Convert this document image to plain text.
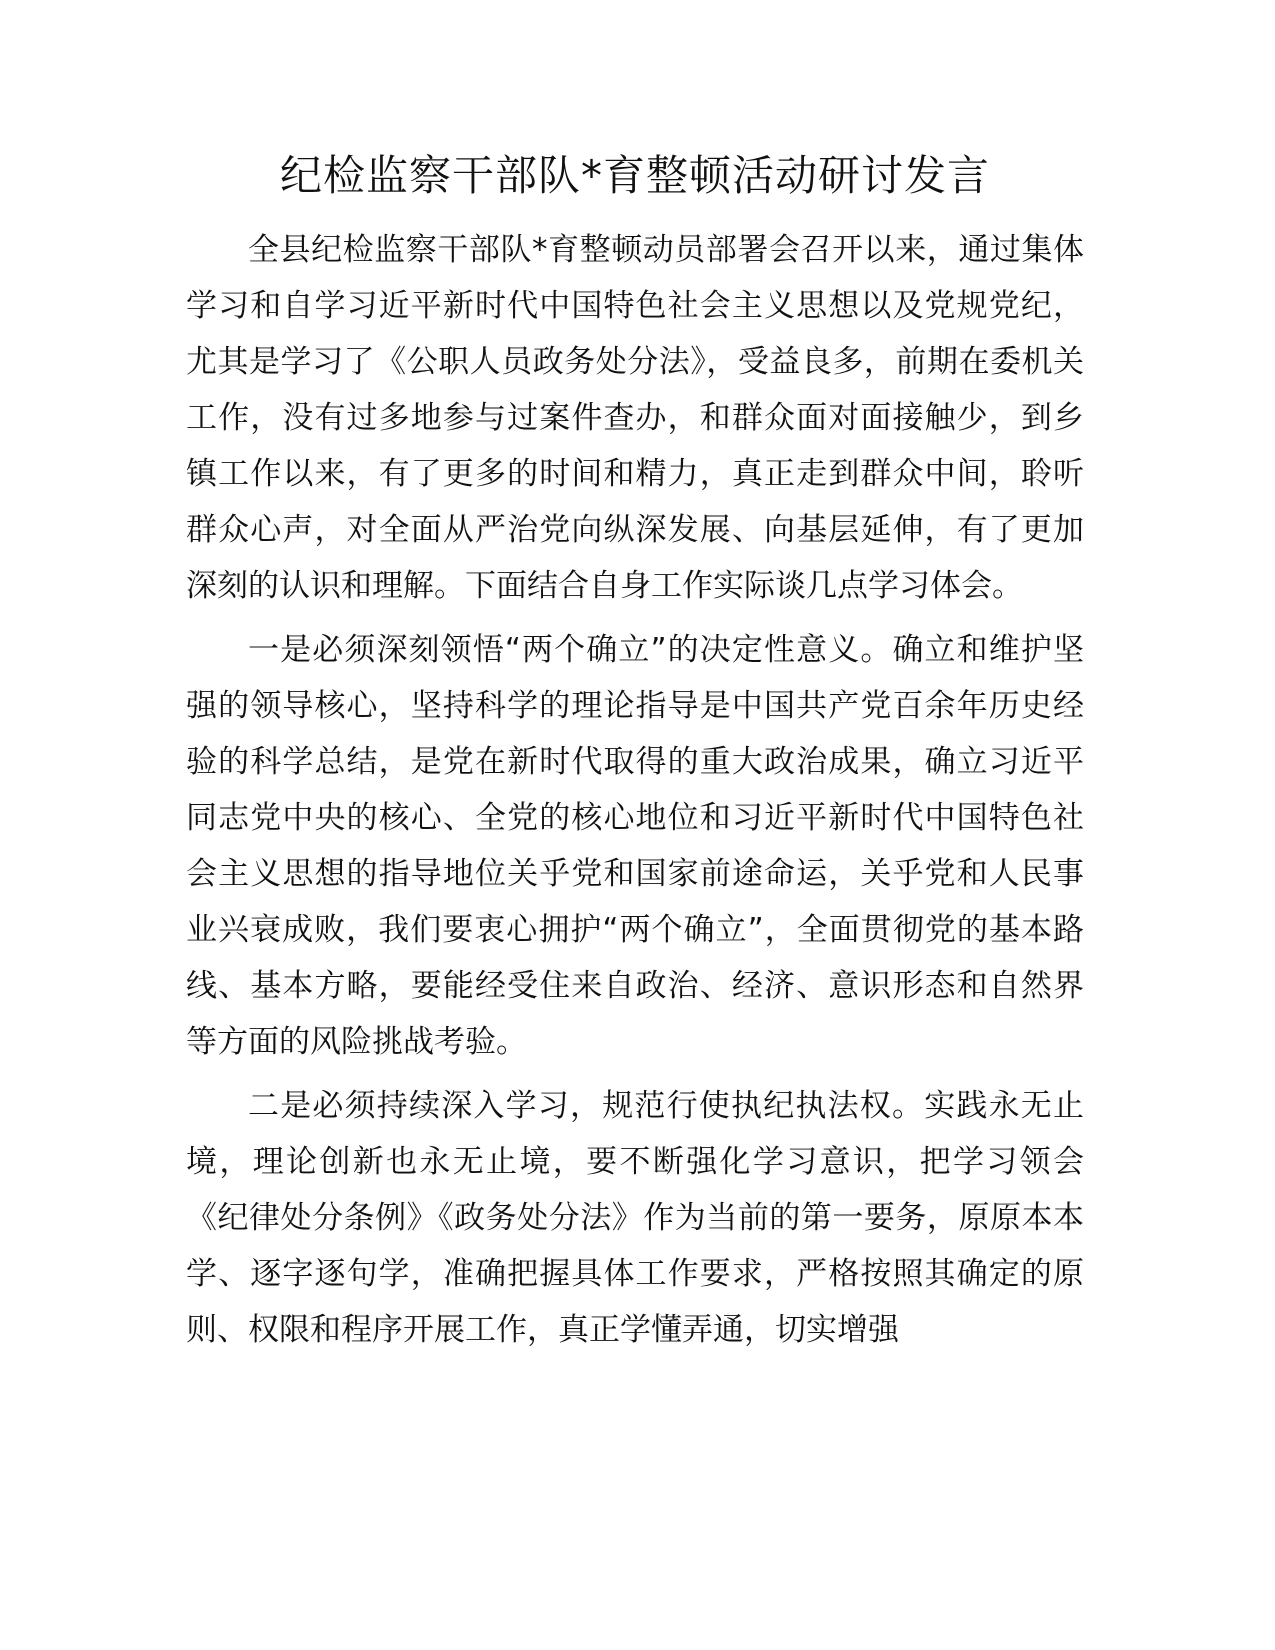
纪检监察干部队*育整顿活动研讨发言

全县纪检监察干部队*育整顿动员部署会召开以来，通过集体学习和自学习近平新时代中国特色社会主义思想以及党规党纪，尤其是学习了《公职人员政务处分法》，受益良多，前期在委机关工作，没有过多地参与过案件查办，和群众面对面接触少，到乡镇工作以来，有了更多的时间和精力，真正走到群众中间，聆听群众心声，对全面从严治党向纵深发展、向基层延伸，有了更加深刻的认识和理解。下面结合自身工作实际谈几点学习体会。

一是必须深刻领悟“两个确立”的决定性意义。确立和维护坚强的领导核心，坚持科学的理论指导是中国共产党百余年历史经验的科学总结，是党在新时代取得的重大政治成果，确立习近平同志党中央的核心、全党的核心地位和习近平新时代中国特色社会主义思想的指导地位关乎党和国家前途命运，关乎党和人民事业兴衰成败，我们要衷心拥护“两个确立”，全面贯彻党的基本路线、基本方略，要能经受住来自政治、经济、意识形态和自然界等方面的风险挑战考验。

二是必须持续深入学习，规范行使执纪执法权。实践永无止境，理论创新也永无止境，要不断强化学习意识，把学习领会《纪律处分条例》《政务处分法》作为当前的第一要务，原原本本学、逐字逐句学，准确把握具体工作要求，严格按照其确定的原则、权限和程序开展工作，真正学懂弄通，切实增强
